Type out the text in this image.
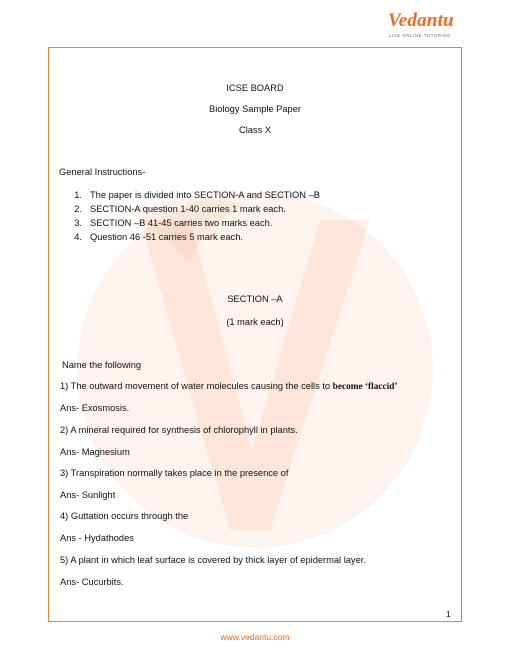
Vedantu
LIVE ONLINE TUTORING
ICSE BOARD
Biology Sample Paper
Class X
General Instructions-
1. The paper is divided into SECTION-A and SECTION –B
2. SECTION-A question 1-40 carries 1 mark each.
3. SECTION –B 41-45 carries two marks each.
4. Question 46 -51 carries 5 mark each.
SECTION –A
(1 mark each)
Name the following
1) The outward movement of water molecules causing the cells to become ‘flaccid’
Ans- Exosmosis.
2) A mineral required for synthesis of chlorophyll in plants.
Ans- Magnesium
3) Transpiration normally takes place in the presence of
Ans- Sunlight
4) Guttation occurs through the
Ans - Hydathodes
5) A plant in which leaf surface is covered by thick layer of epidermal layer.
Ans- Cucurbits.
1
www.vedantu.com
